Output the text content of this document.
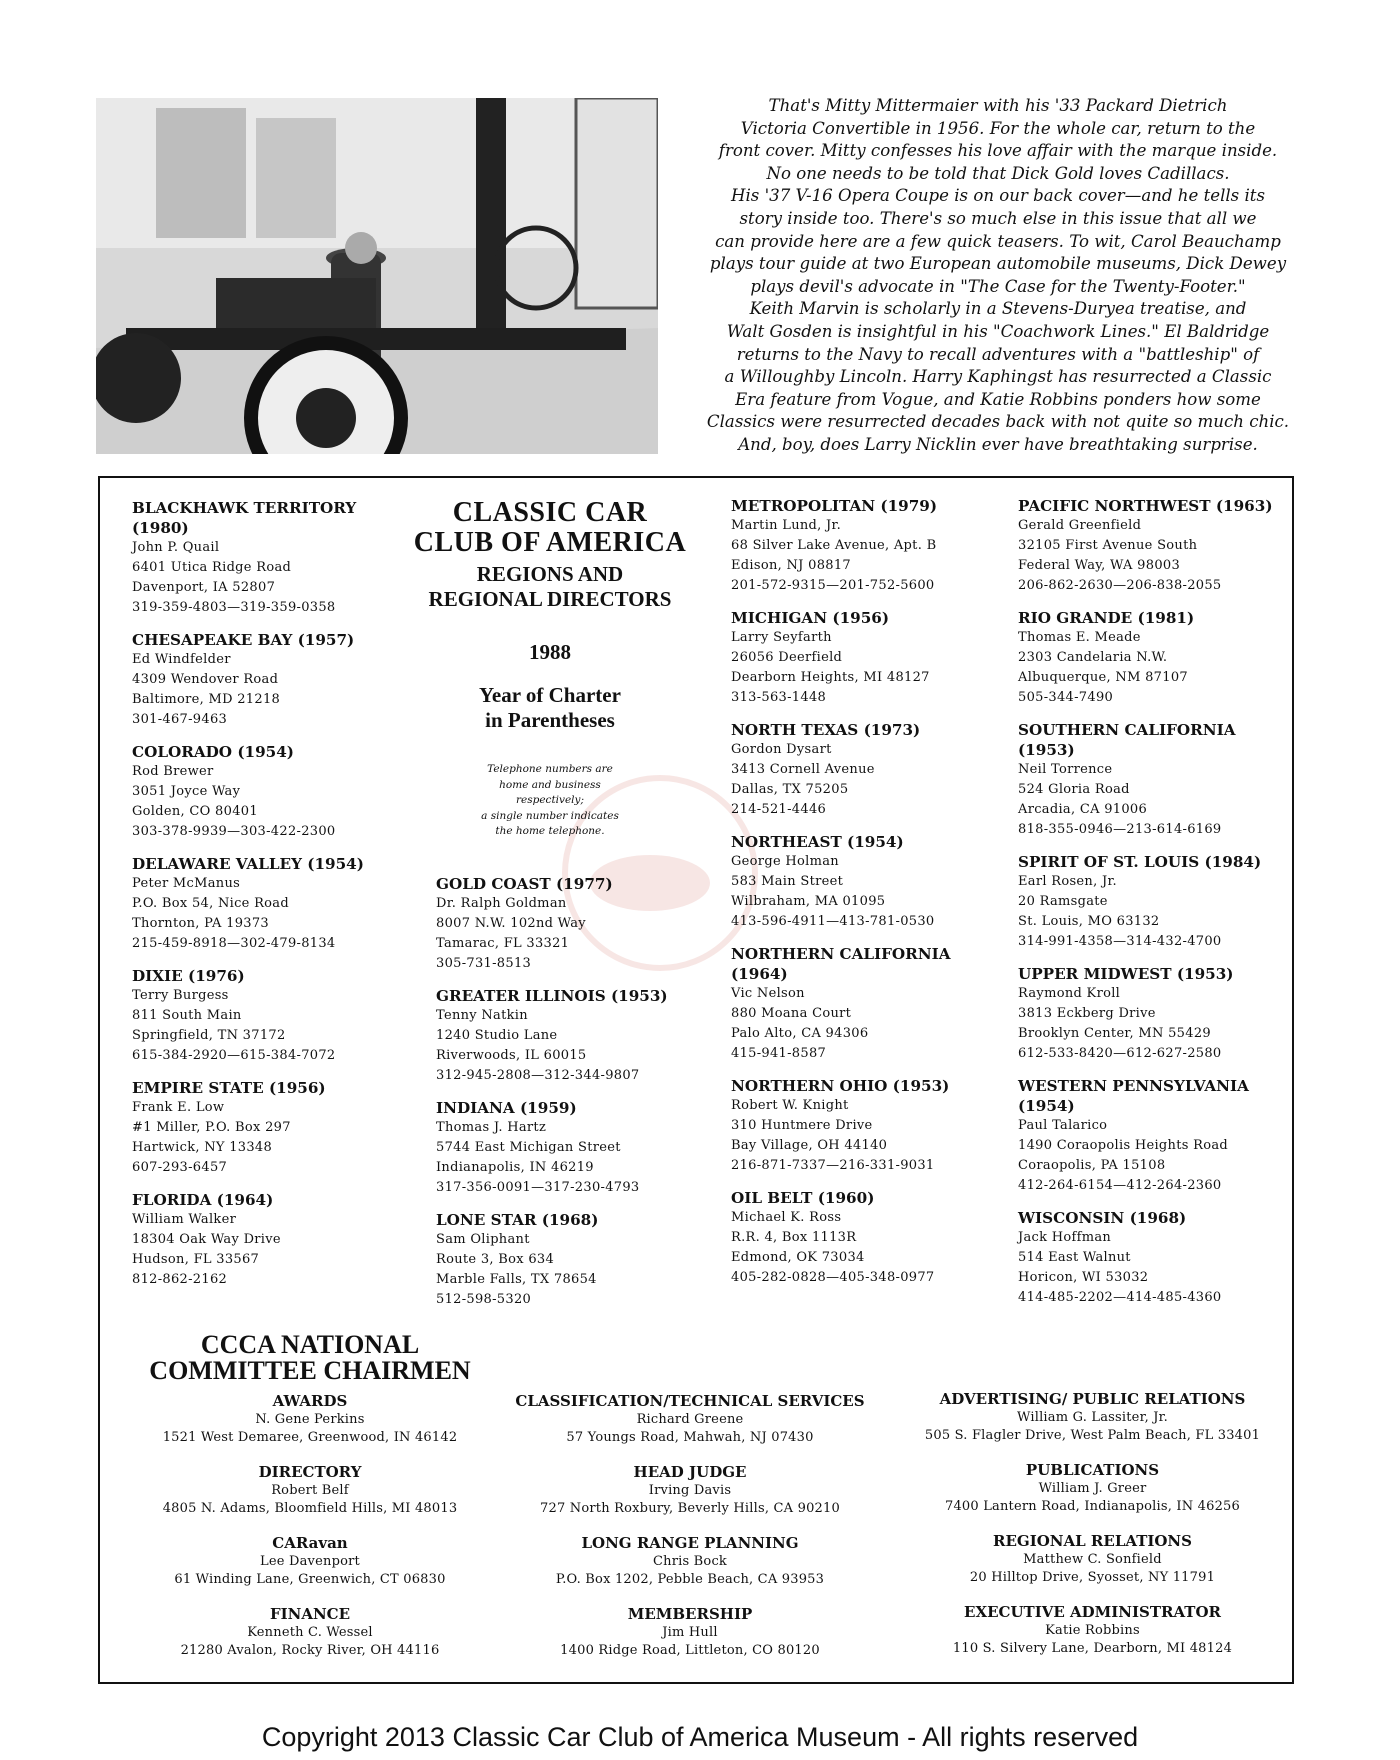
That's Mitty Mittermaier with his '33 Packard Dietrich

Victoria Convertible in 1956. For the whole car, return to the

front cover. Mitty confesses his love affair with the marque inside.

No one needs to be told that Dick Gold loves Cadillacs.

His '37 V-16 Opera Coupe is on our back cover—and he tells its

story inside too. There's so much else in this issue that all we

can provide here are a few quick teasers. To wit, Carol Beauchamp

plays tour guide at two European automobile museums, Dick Dewey

plays devil's advocate in "The Case for the Twenty-Footer."

Keith Marvin is scholarly in a Stevens-Duryea treatise, and

Walt Gosden is insightful in his "Coachwork Lines." El Baldridge

returns to the Navy to recall adventures with a "battleship" of

a Willoughby Lincoln. Harry Kaphingst has resurrected a Classic

Era feature from Vogue, and Katie Robbins ponders how some

Classics were resurrected decades back with not quite so much chic.

And, boy, does Larry Nicklin ever have breathtaking surprise.

BLACKHAWK TERRITORY (1980)
John P. Quail
6401 Utica Ridge Road
Davenport, IA 52807
319-359-4803—319-359-0358
CHESAPEAKE BAY (1957)
Ed Windfelder
4309 Wendover Road
Baltimore, MD 21218
301-467-9463
COLORADO (1954)
Rod Brewer
3051 Joyce Way
Golden, CO 80401
303-378-9939—303-422-2300
DELAWARE VALLEY (1954)
Peter McManus
P.O. Box 54, Nice Road
Thornton, PA 19373
215-459-8918—302-479-8134
DIXIE (1976)
Terry Burgess
811 South Main
Springfield, TN 37172
615-384-2920—615-384-7072
EMPIRE STATE (1956)
Frank E. Low
#1 Miller, P.O. Box 297
Hartwick, NY 13348
607-293-6457
FLORIDA (1964)
William Walker
18304 Oak Way Drive
Hudson, FL 33567
812-862-2162
CLASSIC CAR
CLUB OF AMERICA
REGIONS AND
REGIONAL DIRECTORS
1988
Year of Charter
in Parentheses
Telephone numbers are
home and business
respectively;
a single number indicates
the home telephone.
GOLD COAST (1977)
Dr. Ralph Goldman
8007 N.W. 102nd Way
Tamarac, FL 33321
305-731-8513
GREATER ILLINOIS (1953)
Tenny Natkin
1240 Studio Lane
Riverwoods, IL 60015
312-945-2808—312-344-9807
INDIANA (1959)
Thomas J. Hartz
5744 East Michigan Street
Indianapolis, IN 46219
317-356-0091—317-230-4793
LONE STAR (1968)
Sam Oliphant
Route 3, Box 634
Marble Falls, TX 78654
512-598-5320
METROPOLITAN (1979)
Martin Lund, Jr.
68 Silver Lake Avenue, Apt. B
Edison, NJ 08817
201-572-9315—201-752-5600
MICHIGAN (1956)
Larry Seyfarth
26056 Deerfield
Dearborn Heights, MI 48127
313-563-1448
NORTH TEXAS (1973)
Gordon Dysart
3413 Cornell Avenue
Dallas, TX 75205
214-521-4446
NORTHEAST (1954)
George Holman
583 Main Street
Wilbraham, MA 01095
413-596-4911—413-781-0530
NORTHERN CALIFORNIA (1964)
Vic Nelson
880 Moana Court
Palo Alto, CA 94306
415-941-8587
NORTHERN OHIO (1953)
Robert W. Knight
310 Huntmere Drive
Bay Village, OH 44140
216-871-7337—216-331-9031
OIL BELT (1960)
Michael K. Ross
R.R. 4, Box 1113R
Edmond, OK 73034
405-282-0828—405-348-0977
PACIFIC NORTHWEST (1963)
Gerald Greenfield
32105 First Avenue South
Federal Way, WA 98003
206-862-2630—206-838-2055
RIO GRANDE (1981)
Thomas E. Meade
2303 Candelaria N.W.
Albuquerque, NM 87107
505-344-7490
SOUTHERN CALIFORNIA (1953)
Neil Torrence
524 Gloria Road
Arcadia, CA 91006
818-355-0946—213-614-6169
SPIRIT OF ST. LOUIS (1984)
Earl Rosen, Jr.
20 Ramsgate
St. Louis, MO 63132
314-991-4358—314-432-4700
UPPER MIDWEST (1953)
Raymond Kroll
3813 Eckberg Drive
Brooklyn Center, MN 55429
612-533-8420—612-627-2580
WESTERN PENNSYLVANIA (1954)
Paul Talarico
1490 Coraopolis Heights Road
Coraopolis, PA 15108
412-264-6154—412-264-2360
WISCONSIN (1968)
Jack Hoffman
514 East Walnut
Horicon, WI 53032
414-485-2202—414-485-4360
CCCA NATIONAL
COMMITTEE CHAIRMEN
AWARDS
N. Gene Perkins
1521 West Demaree, Greenwood, IN 46142
DIRECTORY
Robert Belf
4805 N. Adams, Bloomfield Hills, MI 48013
CARavan
Lee Davenport
61 Winding Lane, Greenwich, CT 06830
FINANCE
Kenneth C. Wessel
21280 Avalon, Rocky River, OH 44116
CLASSIFICATION/TECHNICAL SERVICES
Richard Greene
57 Youngs Road, Mahwah, NJ 07430
HEAD JUDGE
Irving Davis
727 North Roxbury, Beverly Hills, CA 90210
LONG RANGE PLANNING
Chris Bock
P.O. Box 1202, Pebble Beach, CA 93953
MEMBERSHIP
Jim Hull
1400 Ridge Road, Littleton, CO 80120
ADVERTISING/ PUBLIC RELATIONS
William G. Lassiter, Jr.
505 S. Flagler Drive, West Palm Beach, FL 33401
PUBLICATIONS
William J. Greer
7400 Lantern Road, Indianapolis, IN 46256
REGIONAL RELATIONS
Matthew C. Sonfield
20 Hilltop Drive, Syosset, NY 11791
EXECUTIVE ADMINISTRATOR
Katie Robbins
110 S. Silvery Lane, Dearborn, MI 48124
Copyright 2013 Classic Car Club of America Museum - All rights reserved
